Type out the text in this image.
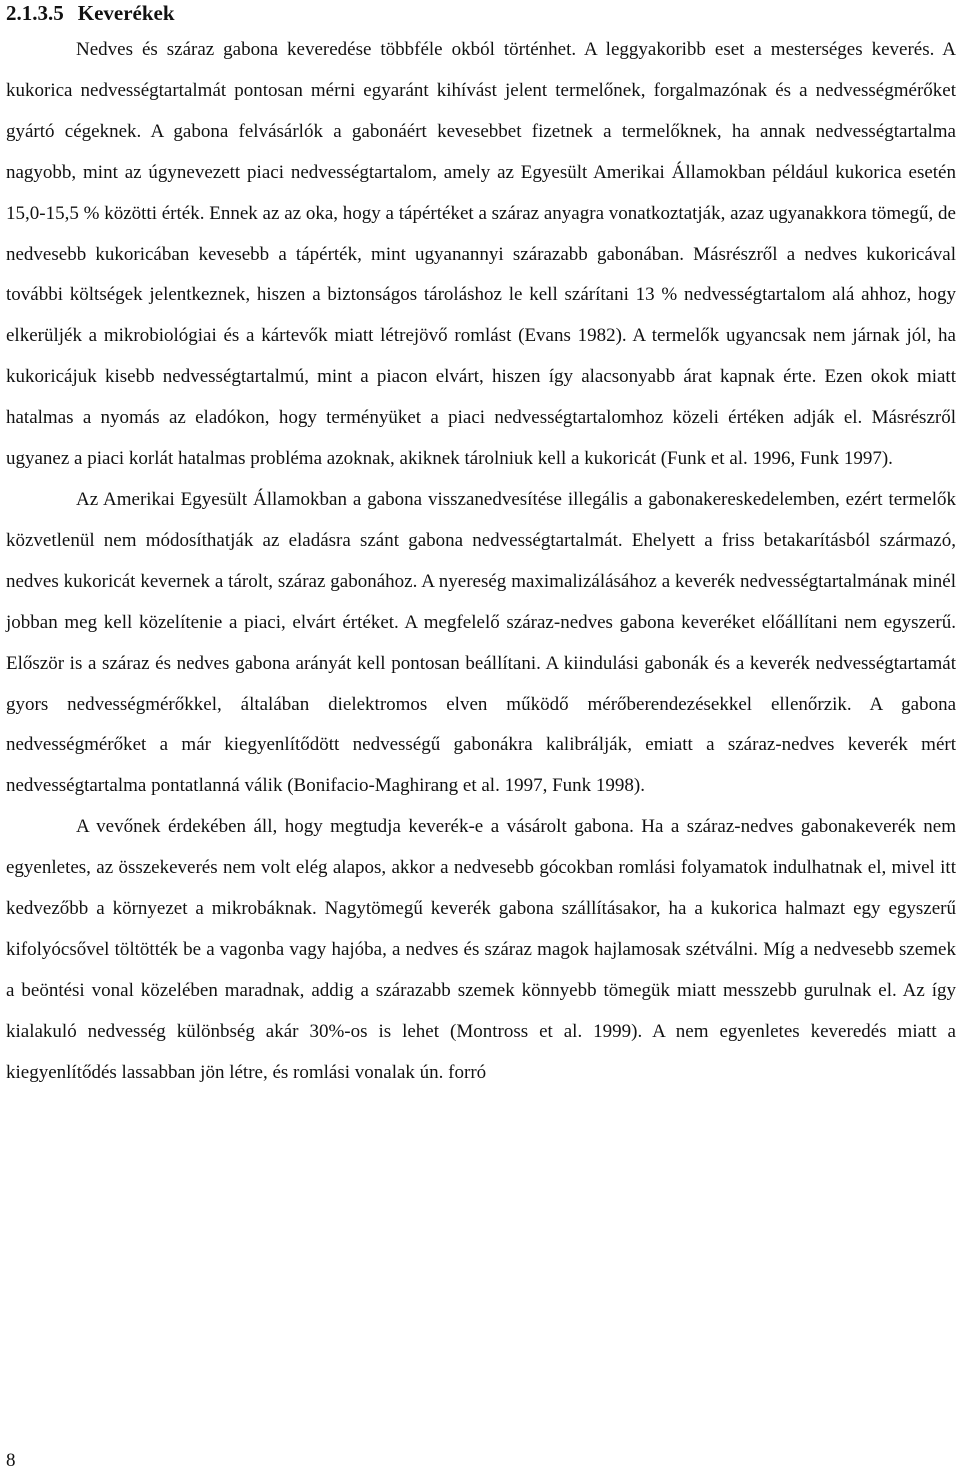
2.1.3.5 Keverékek

Nedves és száraz gabona keveredése többféle okból történhet. A leggyakoribb eset a mesterséges keverés. A kukorica nedvességtartalmát pontosan mérni egyaránt kihívást jelent termelőnek, forgalmazónak és a nedvességmérőket gyártó cégeknek. A gabona felvásárlók a gabonáért kevesebbet fizetnek a termelőknek, ha annak nedvességtartalma nagyobb, mint az úgynevezett piaci nedvességtartalom, amely az Egyesült Amerikai Államokban például kukorica esetén 15,0-15,5 % közötti érték. Ennek az az oka, hogy a tápértéket a száraz anyagra vonatkoztatják, azaz ugyanakkora tömegű, de nedvesebb kukoricában kevesebb a tápérték, mint ugyanannyi szárazabb gabonában. Másrészről a nedves kukoricával további költségek jelentkeznek, hiszen a biztonságos tároláshoz le kell szárítani 13 % nedvességtartalom alá ahhoz, hogy elkerüljék a mikrobiológiai és a kártevők miatt létrejövő romlást (Evans 1982). A termelők ugyancsak nem járnak jól, ha kukoricájuk kisebb nedvességtartalmú, mint a piacon elvárt, hiszen így alacsonyabb árat kapnak érte. Ezen okok miatt hatalmas a nyomás az eladókon, hogy terményüket a piaci nedvességtartalomhoz közeli értéken adják el. Másrészről ugyanez a piaci korlát hatalmas probléma azoknak, akiknek tárolniuk kell a kukoricát (Funk et al. 1996, Funk 1997).

Az Amerikai Egyesült Államokban a gabona visszanedvesítése illegális a gabonakereskedelemben, ezért termelők közvetlenül nem módosíthatják az eladásra szánt gabona nedvességtartalmát. Ehelyett a friss betakarításból származó, nedves kukoricát kevernek a tárolt, száraz gabonához. A nyereség maximalizálásához a keverék nedvességtartalmának minél jobban meg kell közelítenie a piaci, elvárt értéket. A megfelelő száraz-nedves gabona keveréket előállítani nem egyszerű. Először is a száraz és nedves gabona arányát kell pontosan beállítani. A kiindulási gabonák és a keverék nedvességtartamát gyors nedvességmérőkkel, általában dielektromos elven működő mérőberendezésekkel ellenőrzik. A gabona nedvességmérőket a már kiegyenlítődött nedvességű gabonákra kalibrálják, emiatt a száraz-nedves keverék mért nedvességtartalma pontatlanná válik (Bonifacio-Maghirang et al. 1997, Funk 1998).

A vevőnek érdekében áll, hogy megtudja keverék-e a vásárolt gabona. Ha a száraz-nedves gabonakeverék nem egyenletes, az összekeverés nem volt elég alapos, akkor a nedvesebb gócokban romlási folyamatok indulhatnak el, mivel itt kedvezőbb a környezet a mikrobáknak. Nagytömegű keverék gabona szállításakor, ha a kukorica halmazt egy egyszerű kifolyócsővel töltötték be a vagonba vagy hajóba, a nedves és száraz magok hajlamosak szétválni. Míg a nedvesebb szemek a beöntési vonal közelében maradnak, addig a szárazabb szemek könnyebb tömegük miatt messzebb gurulnak el. Az így kialakuló nedvesség különbség akár 30%-os is lehet (Montross et al. 1999). A nem egyenletes keveredés miatt a kiegyenlítődés lassabban jön létre, és romlási vonalak ún. forró

8
